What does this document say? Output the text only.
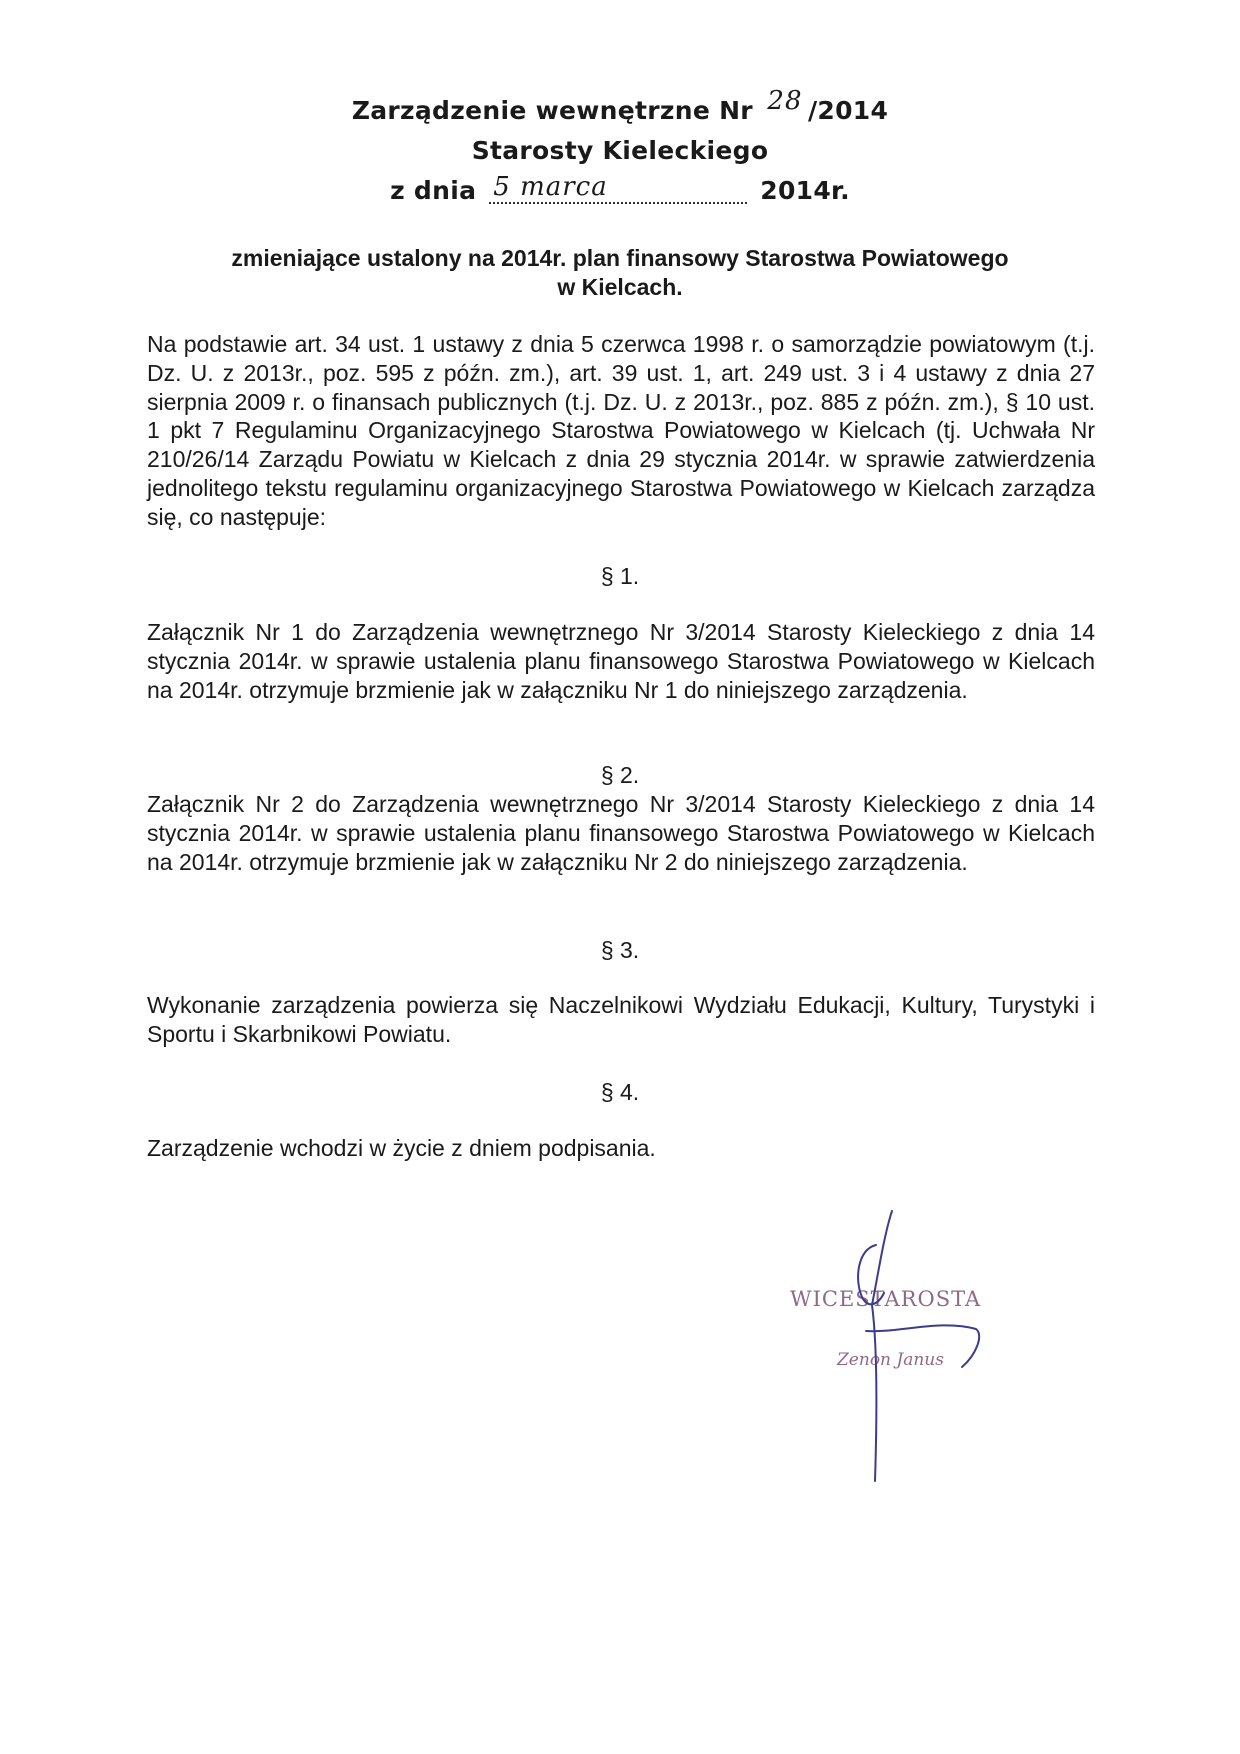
Zarządzenie wewnętrzne Nr 28 /2014
Starosty Kieleckiego
z dnia 5 marca	2014r.
zmieniające ustalony na 2014r. plan finansowy Starostwa Powiatowego
w Kielcach.

Na podstawie art. 34 ust. 1 ustawy z dnia 5 czerwca 1998 r. o samorządzie powiatowym (t.j. Dz. U. z 2013r., poz. 595 z późn. zm.), art. 39 ust. 1, art. 249 ust. 3 i 4 ustawy z dnia 27 sierpnia 2009 r. o finansach publicznych (t.j. Dz. U. z 2013r., poz. 885 z późn. zm.), § 10 ust. 1 pkt 7 Regulaminu Organizacyjnego Starostwa Powiatowego w Kielcach (tj. Uchwała Nr 210/26/14 Zarządu Powiatu w Kielcach z dnia 29 stycznia 2014r. w sprawie zatwierdzenia jednolitego tekstu regulaminu organizacyjnego Starostwa Powiatowego w Kielcach zarządza się, co następuje:

§ 1.

Załącznik Nr 1 do Zarządzenia wewnętrznego Nr 3/2014 Starosty Kieleckiego z dnia 14 stycznia 2014r. w sprawie ustalenia planu finansowego Starostwa Powiatowego w Kielcach na 2014r. otrzymuje brzmienie jak w załączniku Nr 1 do niniejszego zarządzenia.

§ 2.

Załącznik Nr 2 do Zarządzenia wewnętrznego Nr 3/2014 Starosty Kieleckiego z dnia 14 stycznia 2014r. w sprawie ustalenia planu finansowego Starostwa Powiatowego w Kielcach na 2014r. otrzymuje brzmienie jak w załączniku Nr 2 do niniejszego zarządzenia.

§ 3.

Wykonanie zarządzenia powierza się Naczelnikowi Wydziału Edukacji, Kultury, Turystyki i Sportu i Skarbnikowi Powiatu.

§ 4.

Zarządzenie wchodzi w życie z dniem podpisania.

WICESTAROSTA
Zenon Janus
